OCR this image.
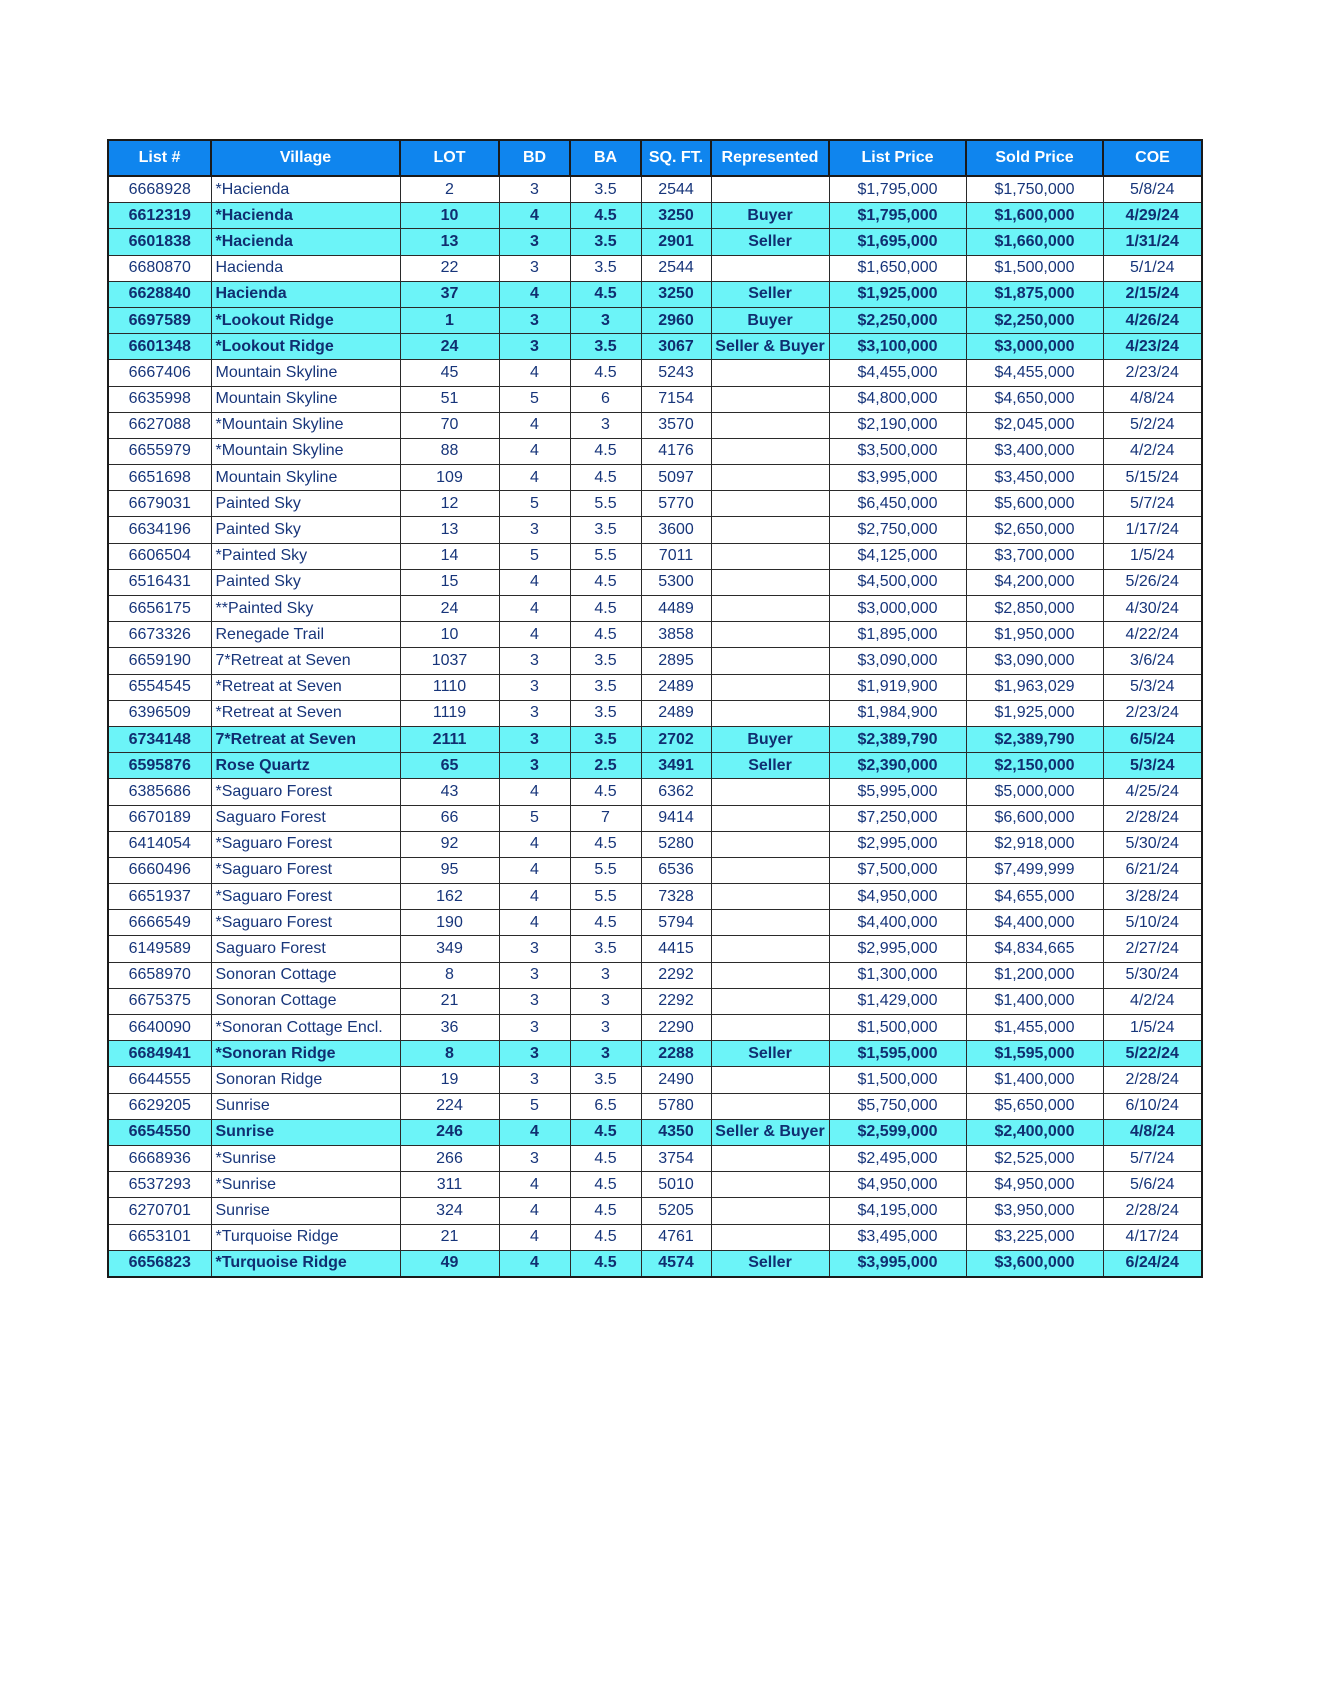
List #	Village	LOT	BD	BA	SQ. FT.	Represented	List Price	Sold Price	COE
6668928	*Hacienda	2	3	3.5	2544		$1,795,000	$1,750,000	5/8/24
6612319	*Hacienda	10	4	4.5	3250	Buyer	$1,795,000	$1,600,000	4/29/24
6601838	*Hacienda	13	3	3.5	2901	Seller	$1,695,000	$1,660,000	1/31/24
6680870	Hacienda	22	3	3.5	2544		$1,650,000	$1,500,000	5/1/24
6628840	Hacienda	37	4	4.5	3250	Seller	$1,925,000	$1,875,000	2/15/24
6697589	*Lookout Ridge	1	3	3	2960	Buyer	$2,250,000	$2,250,000	4/26/24
6601348	*Lookout Ridge	24	3	3.5	3067	Seller & Buyer	$3,100,000	$3,000,000	4/23/24
6667406	Mountain Skyline	45	4	4.5	5243		$4,455,000	$4,455,000	2/23/24
6635998	Mountain Skyline	51	5	6	7154		$4,800,000	$4,650,000	4/8/24
6627088	*Mountain Skyline	70	4	3	3570		$2,190,000	$2,045,000	5/2/24
6655979	*Mountain Skyline	88	4	4.5	4176		$3,500,000	$3,400,000	4/2/24
6651698	Mountain Skyline	109	4	4.5	5097		$3,995,000	$3,450,000	5/15/24
6679031	Painted Sky	12	5	5.5	5770		$6,450,000	$5,600,000	5/7/24
6634196	Painted Sky	13	3	3.5	3600		$2,750,000	$2,650,000	1/17/24
6606504	*Painted Sky	14	5	5.5	7011		$4,125,000	$3,700,000	1/5/24
6516431	Painted Sky	15	4	4.5	5300		$4,500,000	$4,200,000	5/26/24
6656175	**Painted Sky	24	4	4.5	4489		$3,000,000	$2,850,000	4/30/24
6673326	Renegade Trail	10	4	4.5	3858		$1,895,000	$1,950,000	4/22/24
6659190	7*Retreat at Seven	1037	3	3.5	2895		$3,090,000	$3,090,000	3/6/24
6554545	*Retreat at Seven	1110	3	3.5	2489		$1,919,900	$1,963,029	5/3/24
6396509	*Retreat at Seven	1119	3	3.5	2489		$1,984,900	$1,925,000	2/23/24
6734148	7*Retreat at Seven	2111	3	3.5	2702	Buyer	$2,389,790	$2,389,790	6/5/24
6595876	Rose Quartz	65	3	2.5	3491	Seller	$2,390,000	$2,150,000	5/3/24
6385686	*Saguaro Forest	43	4	4.5	6362		$5,995,000	$5,000,000	4/25/24
6670189	Saguaro Forest	66	5	7	9414		$7,250,000	$6,600,000	2/28/24
6414054	*Saguaro Forest	92	4	4.5	5280		$2,995,000	$2,918,000	5/30/24
6660496	*Saguaro Forest	95	4	5.5	6536		$7,500,000	$7,499,999	6/21/24
6651937	*Saguaro Forest	162	4	5.5	7328		$4,950,000	$4,655,000	3/28/24
6666549	*Saguaro Forest	190	4	4.5	5794		$4,400,000	$4,400,000	5/10/24
6149589	Saguaro Forest	349	3	3.5	4415		$2,995,000	$4,834,665	2/27/24
6658970	Sonoran Cottage	8	3	3	2292		$1,300,000	$1,200,000	5/30/24
6675375	Sonoran Cottage	21	3	3	2292		$1,429,000	$1,400,000	4/2/24
6640090	*Sonoran Cottage Encl.	36	3	3	2290		$1,500,000	$1,455,000	1/5/24
6684941	*Sonoran Ridge	8	3	3	2288	Seller	$1,595,000	$1,595,000	5/22/24
6644555	Sonoran Ridge	19	3	3.5	2490		$1,500,000	$1,400,000	2/28/24
6629205	Sunrise	224	5	6.5	5780		$5,750,000	$5,650,000	6/10/24
6654550	Sunrise	246	4	4.5	4350	Seller & Buyer	$2,599,000	$2,400,000	4/8/24
6668936	*Sunrise	266	3	4.5	3754		$2,495,000	$2,525,000	5/7/24
6537293	*Sunrise	311	4	4.5	5010		$4,950,000	$4,950,000	5/6/24
6270701	Sunrise	324	4	4.5	5205		$4,195,000	$3,950,000	2/28/24
6653101	*Turquoise Ridge	21	4	4.5	4761		$3,495,000	$3,225,000	4/17/24
6656823	*Turquoise Ridge	49	4	4.5	4574	Seller	$3,995,000	$3,600,000	6/24/24
